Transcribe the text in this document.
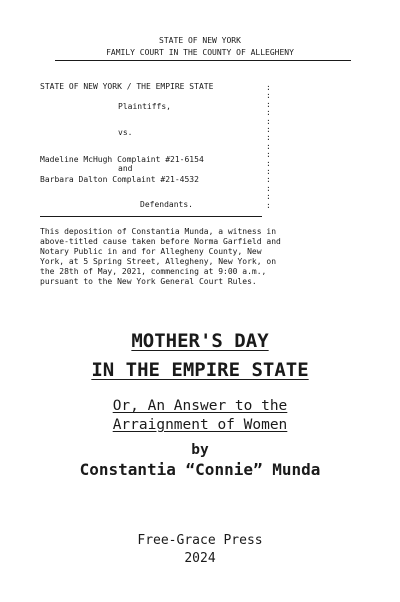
STATE OF NEW YORK
FAMILY COURT IN THE COUNTY OF ALLEGHENY
STATE OF NEW YORK / THE EMPIRE STATE
Plaintiffs,
vs.
Madeline McHugh Complaint #21-6154
and
Barbara Dalton Complaint #21-4532
Defendants.
:
:
:
:
:
:
:
:
:
:
:
:
:
:
:
This deposition of Constantia Munda, a witness in
above-titled cause taken before Norma Garfield and
Notary Public in and for Allegheny County, New
York, at 5 Spring Street, Allegheny, New York, on
the 28th of May, 2021, commencing at 9:00 a.m.,
pursuant to the New York General Court Rules.
MOTHER'S DAY
IN THE EMPIRE STATE
Or, An Answer to the
Arraignment of Women
by
Constantia “Connie” Munda
Free-Grace Press
2024
